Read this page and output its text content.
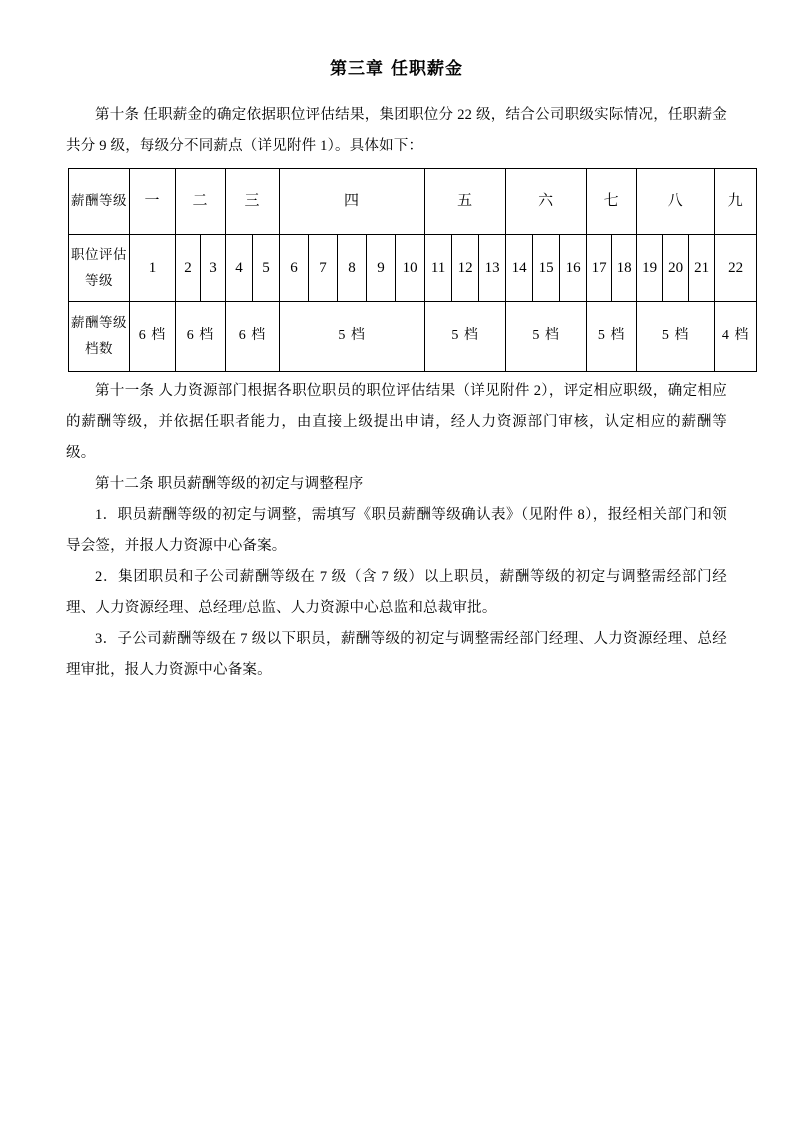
第三章 任职薪金

第十条 任职薪金的确定依据职位评估结果，集团职位分 22 级，结合公司职级实际情况，任职薪金共分 9 级，每级分不同薪点（详见附件 1）。具体如下：

薪酬等级	一	二		三		四					五			六			七		八			九
职位评估等级	1	2	3	4	5	6	7	8	9	10	11	12	13	14	15	16	17	18	19	20	21	22
薪酬等级档数	6 档	6 档		6 档		5 档					5 档			5 档			5 档		5 档			4 档

第十一条 人力资源部门根据各职位职员的职位评估结果（详见附件 2），评定相应职级，确定相应的薪酬等级，并依据任职者能力，由直接上级提出申请，经人力资源部门审核，认定相应的薪酬等级。

第十二条 职员薪酬等级的初定与调整程序

1．职员薪酬等级的初定与调整，需填写《职员薪酬等级确认表》（见附件 8），报经相关部门和领导会签，并报人力资源中心备案。

2．集团职员和子公司薪酬等级在 7 级（含 7 级）以上职员，薪酬等级的初定与调整需经部门经理、人力资源经理、总经理/总监、人力资源中心总监和总裁审批。

3．子公司薪酬等级在 7 级以下职员，薪酬等级的初定与调整需经部门经理、人力资源经理、总经理审批，报人力资源中心备案。
